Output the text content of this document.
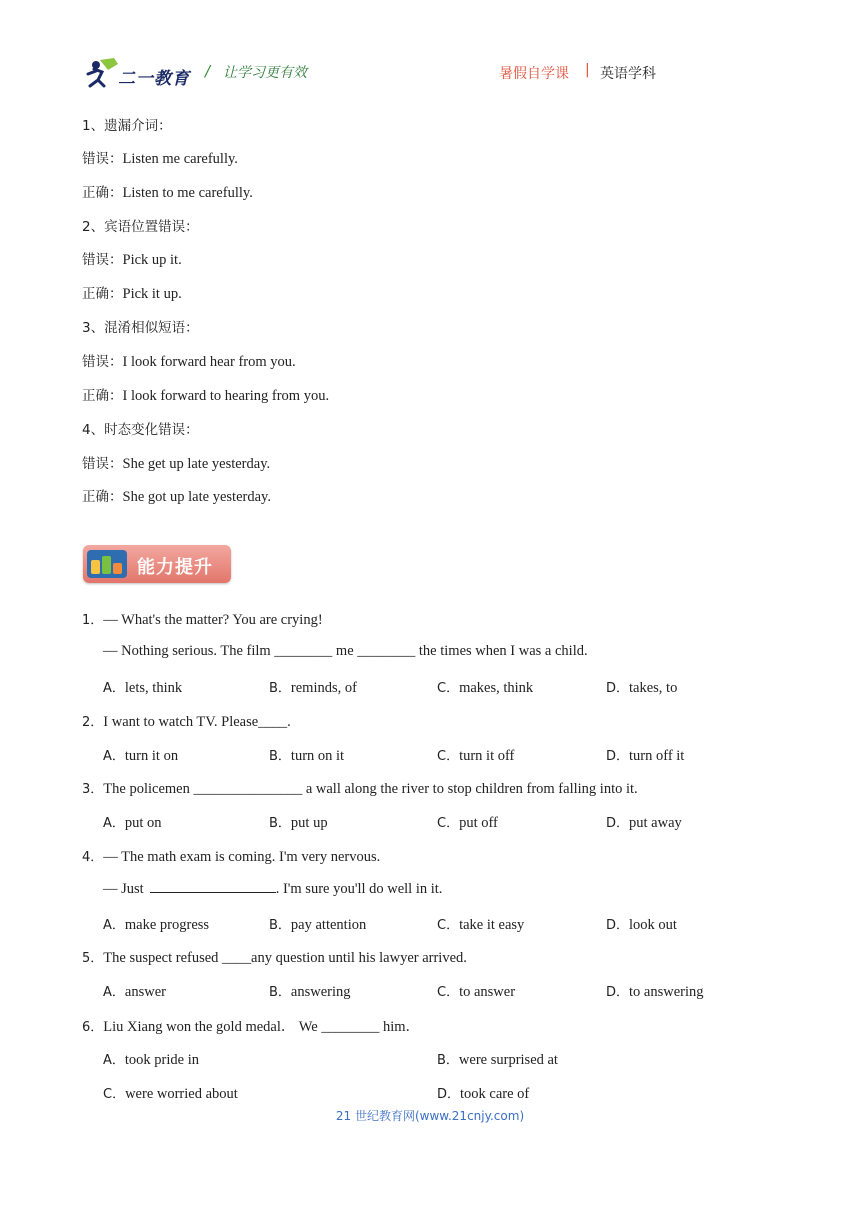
二一教育 / 让学习更有效	暑假自学课 | 英语学科
1、遗漏介词：
错误：Listen me carefully.
正确：Listen to me carefully.
2、宾语位置错误：
错误：Pick up it.
正确：Pick it up.
3、混淆相似短语：
错误：I look forward hear from you.
正确：I look forward to hearing from you.
4、时态变化错误：
错误：She get up late yesterday.
正确：She got up late yesterday.
能力提升
1．— What's the matter? You are crying!
— Nothing serious. The film ________ me ________ the times when I was a child.
A．lets, think	B．reminds, of	C．makes, think	D．takes, to
2．I want to watch TV. Please____.
A．turn it on	B．turn on it	C．turn it off	D．turn off it
3．The policemen _______________ a wall along the river to stop children from falling into it.
A．put on	B．put up	C．put off	D．put away
4．— The math exam is coming. I'm very nervous.
— Just	. I'm sure you'll do well in it.
A．make progress	B．pay attention	C．take it easy	D．look out
5．The suspect refused ____any question until his lawyer arrived.
A．answer	B．answering	C．to answer	D．to answering
6．Liu Xiang won the gold medal． We ________ him．
A．took pride in	B．were surprised at
C．were worried about	D．took care of
21 世纪教育网(www.21cnjy.com)
